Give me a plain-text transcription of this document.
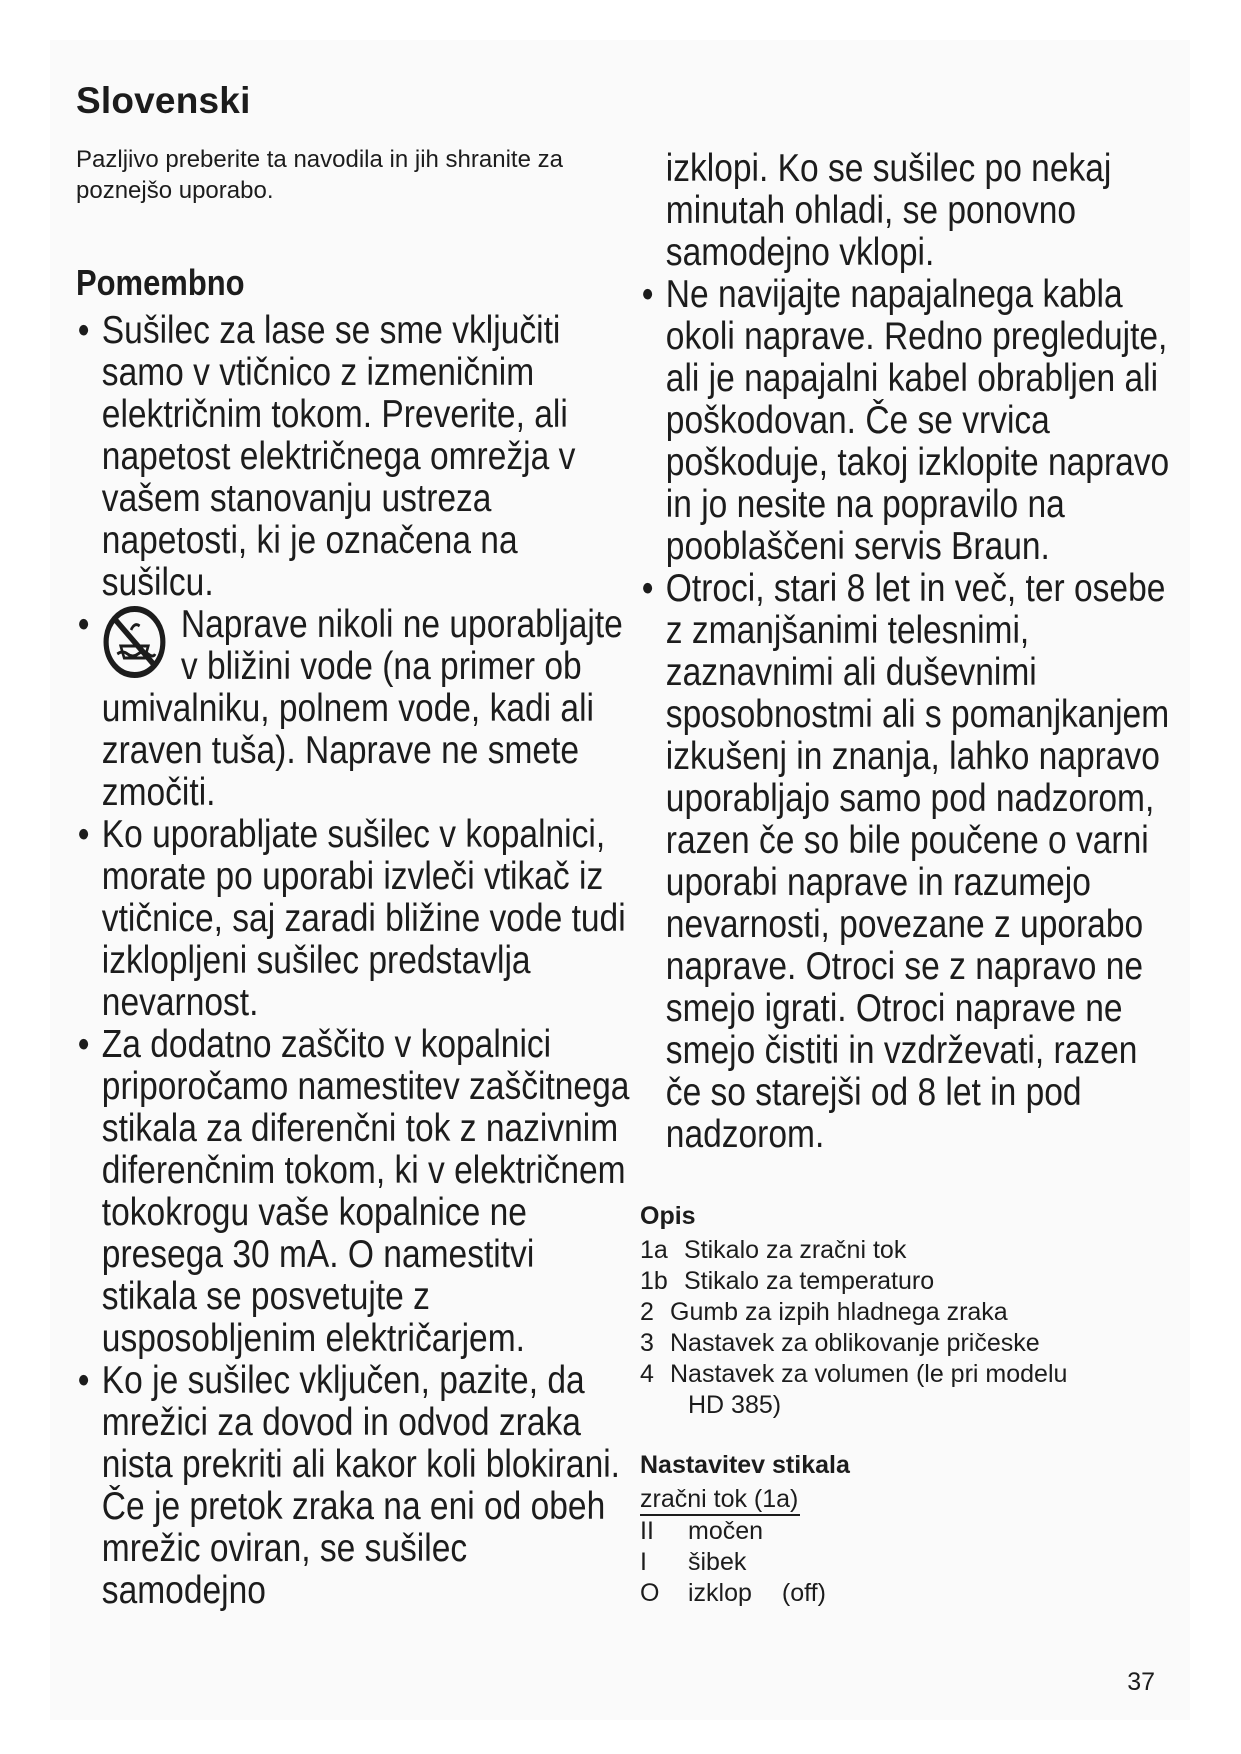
Slovenski

Pazljivo preberite ta navodila in jih shranite za poznejšo uporabo.

Pomembno
• Sušilec za lase se sme vključiti samo v vtičnico z izmeničnim električnim tokom. Preverite, ali napetost električnega omrežja v vašem stanovanju ustreza napetosti, ki je označena na sušilcu.
• Naprave nikoli ne uporabljajte v bližini vode (na primer ob umivalniku, polnem vode, kadi ali zraven tuša). Naprave ne smete zmočiti.
• Ko uporabljate sušilec v kopalnici, morate po uporabi izvleči vtikač iz vtičnice, saj zaradi bližine vode tudi izklopljeni sušilec predstavlja nevarnost.
• Za dodatno zaščito v kopalnici priporočamo namestitev zaščitnega stikala za diferenčni tok z nazivnim diferenčnim tokom, ki v električnem tokokrogu vaše kopalnice ne presega 30 mA. O namestitvi stikala se posvetujte z usposobljenim električarjem.
• Ko je sušilec vključen, pazite, da mrežici za dovod in odvod zraka nista prekriti ali kakor koli blokirani. Če je pretok zraka na eni od obeh mrežic oviran, se sušilec samodejno
izklopi. Ko se sušilec po nekaj minutah ohladi, se ponovno samodejno vklopi.
• Ne navijajte napajalnega kabla okoli naprave. Redno pregledujte, ali je napajalni kabel obrabljen ali poškodovan. Če se vrvica poškoduje, takoj izklopite napravo in jo nesite na popravilo na pooblaščeni servis Braun.
• Otroci, stari 8 let in več, ter osebe z zmanjšanimi telesnimi, zaznavnimi ali duševnimi sposobnostmi ali s pomanjkanjem izkušenj in znanja, lahko napravo uporabljajo samo pod nadzorom, razen če so bile poučene o varni uporabi naprave in razumejo nevarnosti, povezane z uporabo naprave. Otroci se z napravo ne smejo igrati. Otroci naprave ne smejo čistiti in vzdrževati, razen če so starejši od 8 let in pod nadzorom.
Opis
1a Stikalo za zračni tok
1b Stikalo za temperaturo
2 Gumb za izpih hladnega zraka
3 Nastavek za oblikovanje pričeske
4 Nastavek za volumen (le pri modelu
HD 385)
Nastavitev stikala
zračni tok (1a)
II	močen
I	šibek
O	izklop (off)
37
